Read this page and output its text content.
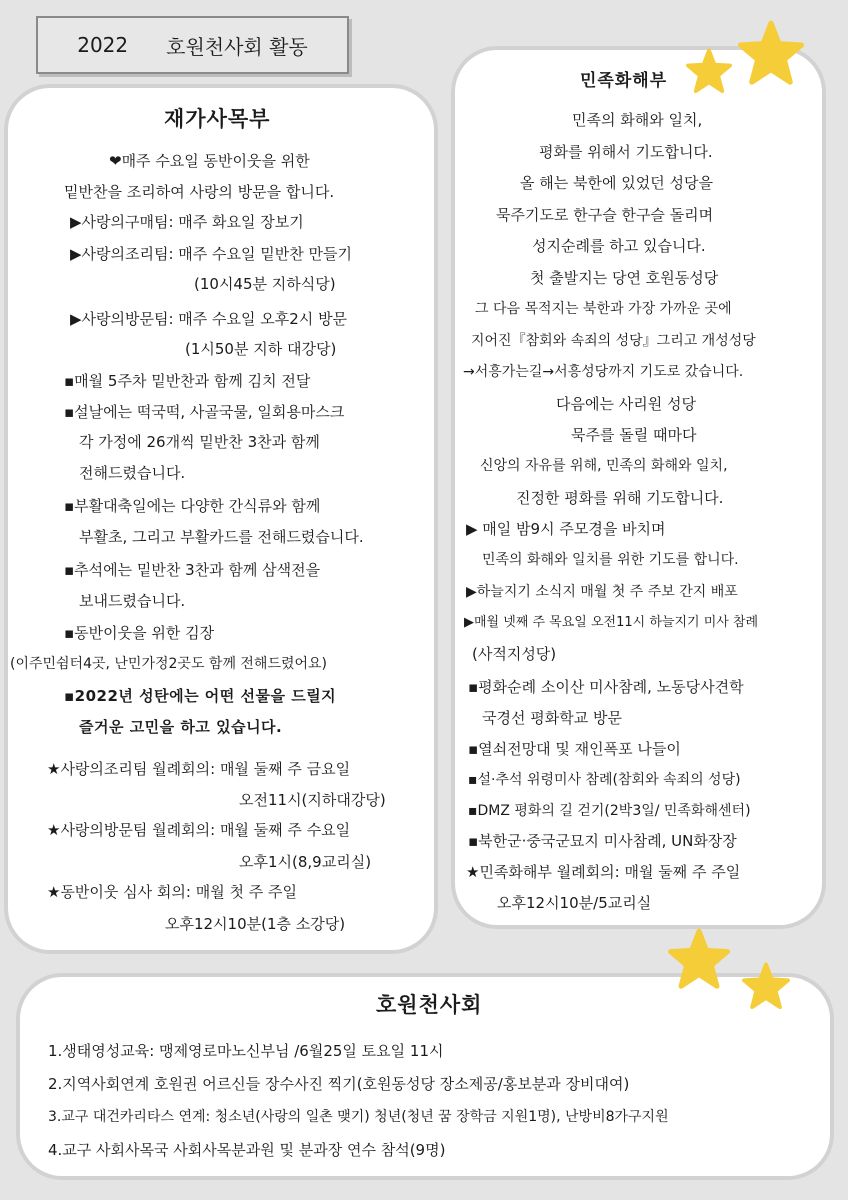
2022 호원천사회 활동
재가사목부
민족화해부
호원천사회
❤매주 수요일 동반이웃을 위한
밑반찬을 조리하여 사랑의 방문을 합니다.
▶사랑의구매팀: 매주 화요일 장보기
▶사랑의조리팀: 매주 수요일 밑반찬 만들기
(10시45분 지하식당)
▶사랑의방문팀: 매주 수요일 오후2시 방문
(1시50분 지하 대강당)
▪매월 5주차 밑반찬과 함께 김치 전달
▪설날에는 떡국떡, 사골국물, 일회용마스크
각 가정에 26개씩 밑반찬 3찬과 함께
전해드렸습니다.
▪부활대축일에는 다양한 간식류와 함께
부활초, 그리고 부활카드를 전해드렸습니다.
▪추석에는 밑반찬 3찬과 함께 삼색전을
보내드렸습니다.
▪동반이웃을 위한 김장
(이주민쉼터4곳, 난민가정2곳도 함께 전해드렸어요)
▪2022년 성탄에는 어떤 선물을 드릴지
즐거운 고민을 하고 있습니다.
★사랑의조리팀 월례회의: 매월 둘째 주 금요일
오전11시(지하대강당)
★사랑의방문팀 월례회의: 매월 둘째 주 수요일
오후1시(8,9교리실)
★동반이웃 심사 회의: 매월 첫 주 주일
오후12시10분(1층 소강당)
민족의 화해와 일치,
평화를 위해서 기도합니다.
올 해는 북한에 있었던 성당을
묵주기도로 한구슬 한구슬 돌리며
성지순례를 하고 있습니다.
첫 출발지는 당연 호원동성당
그 다음 목적지는 북한과 가장 가까운 곳에
지어진『참회와 속죄의 성당』그리고 개성성당
→서흥가는길→서흥성당까지 기도로 갔습니다.
다음에는 사리원 성당
묵주를 돌릴 때마다
신앙의 자유를 위해, 민족의 화해와 일치,
진정한 평화를 위해 기도합니다.
▶ 매일 밤9시 주모경을 바치며
민족의 화해와 일치를 위한 기도를 합니다.
▶하늘지기 소식지 매월 첫 주 주보 간지 배포
▶매월 넷째 주 목요일 오전11시 하늘지기 미사 참례
(사적지성당)
▪평화순례 소이산 미사참례, 노동당사견학
국경선 평화학교 방문
▪열쇠전망대 및 재인폭포 나들이
▪설·추석 위령미사 참례(참회와 속죄의 성당)
▪DMZ 평화의 길 걷기(2박3일/ 민족화해센터)
▪북한군·중국군묘지 미사참례, UN화장장
★민족화해부 월례회의: 매월 둘째 주 주일
오후12시10분/5교리실
1.생태영성교육: 맹제영로마노신부님 /6월25일 토요일 11시
2.지역사회연계 호원권 어르신들 장수사진 찍기(호원동성당 장소제공/홍보분과 장비대여)
3.교구 대건카리타스 연계: 청소년(사랑의 일촌 맺기) 청년(청년 꿈 장학금 지원1명), 난방비8가구지원
4.교구 사회사목국 사회사목분과원 및 분과장 연수 참석(9명)
